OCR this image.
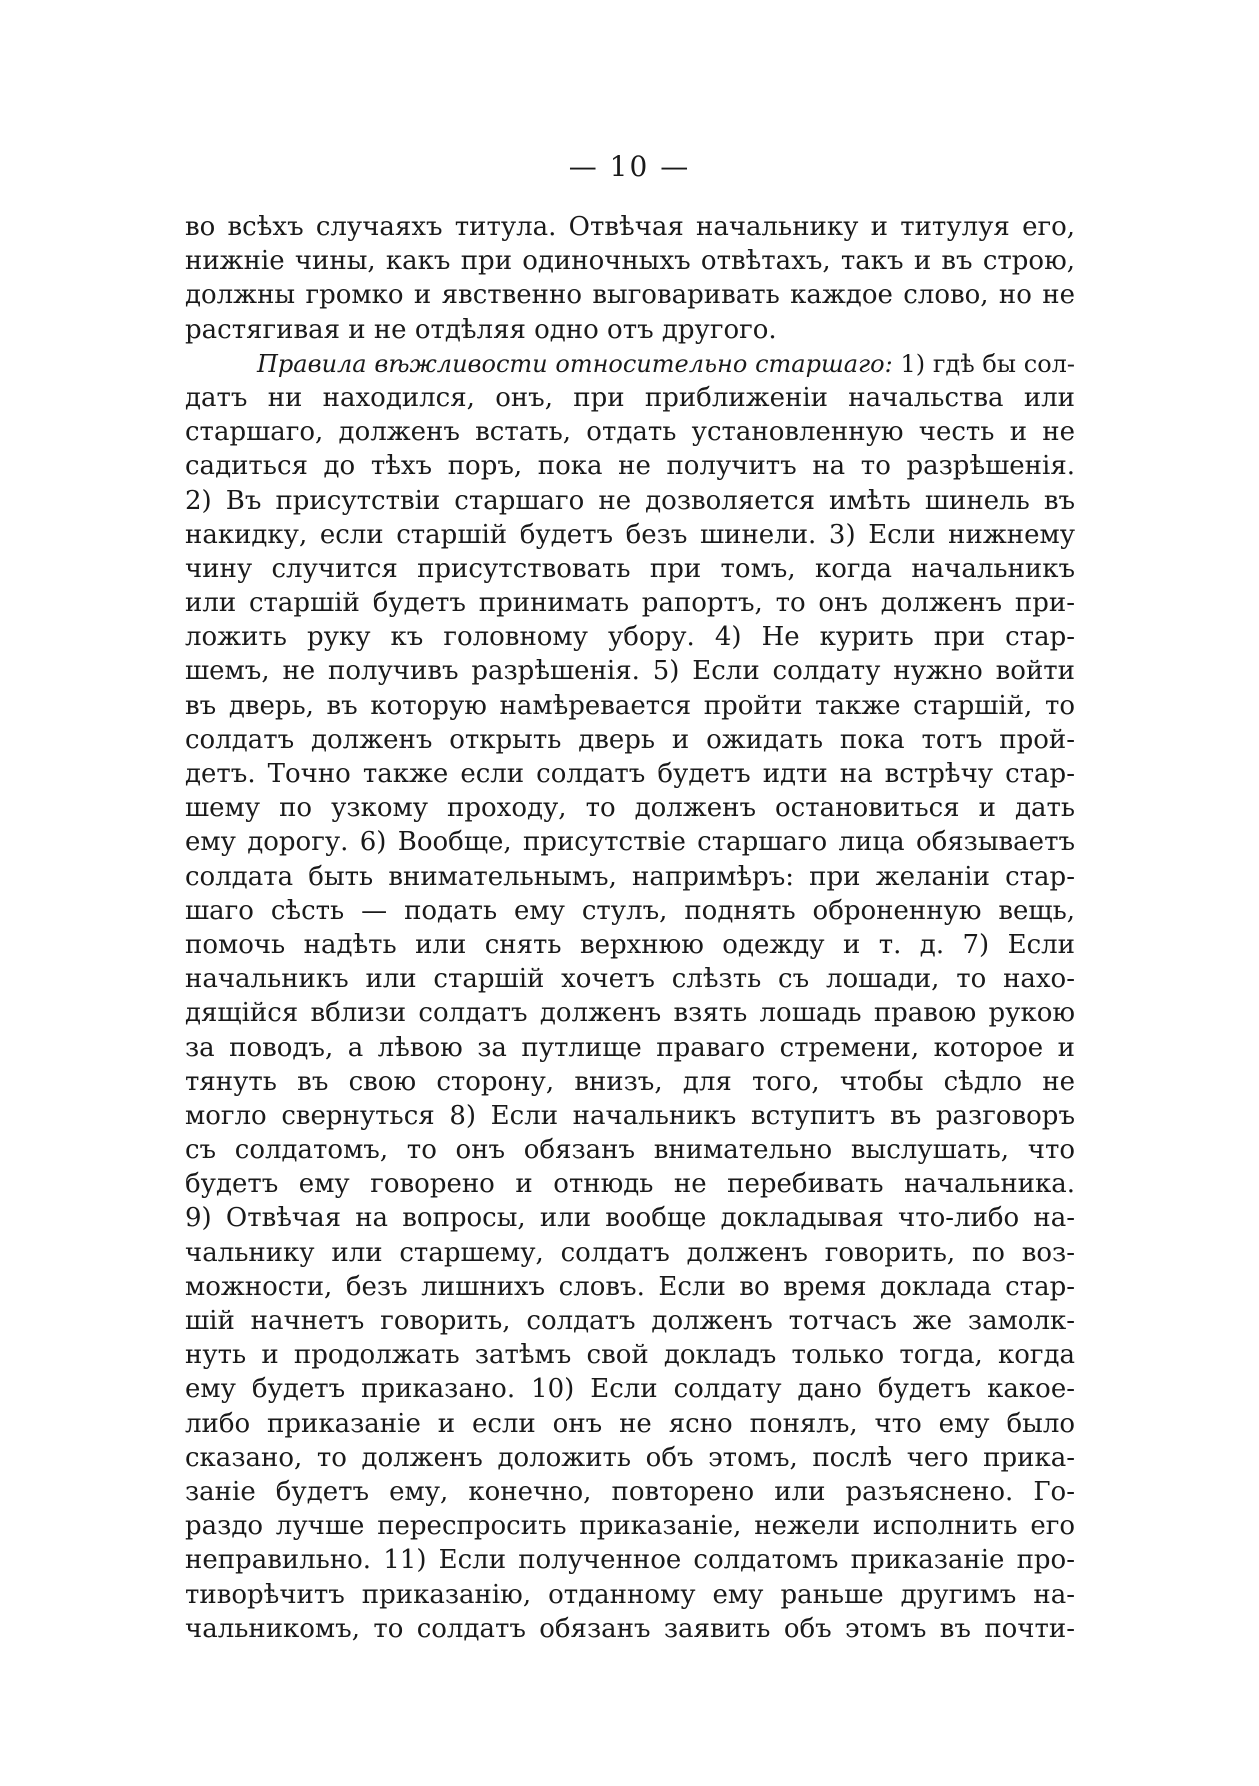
— 10 —
во всѣхъ случаяхъ титула. Отвѣчая начальнику и титулуя его,
нижніе чины, какъ при одиночныхъ отвѣтахъ, такъ и въ строю,
должны громко и явственно выговаривать каждое слово, но не
растягивая и не отдѣляя одно отъ другого.
Правила вѣжливости относительно старшаго: 1) гдѣ бы сол-
датъ ни находился, онъ, при приближеніи начальства или
старшаго, долженъ встать, отдать установленную честь и не
садиться до тѣхъ поръ, пока не получитъ на то разрѣшенія.
2) Въ присутствіи старшаго не дозволяется имѣть шинель въ
накидку, если старшій будетъ безъ шинели. 3) Если нижнему
чину случится присутствовать при томъ, когда начальникъ
или старшій будетъ принимать рапортъ, то онъ долженъ при-
ложить руку къ головному убору. 4) Не курить при стар-
шемъ, не получивъ разрѣшенія. 5) Если солдату нужно войти
въ дверь, въ которую намѣревается пройти также старшій, то
солдатъ долженъ открыть дверь и ожидать пока тотъ прой-
детъ. Точно также если солдатъ будетъ идти на встрѣчу стар-
шему по узкому проходу, то долженъ остановиться и дать
ему дорогу. 6) Вообще, присутствіе старшаго лица обязываетъ
солдата быть внимательнымъ, напримѣръ: при желаніи стар-
шаго сѣсть — подать ему стулъ, поднять оброненную вещь,
помочь надѣть или снять верхнюю одежду и т. д. 7) Если
начальникъ или старшій хочетъ слѣзть съ лошади, то нахо-
дящійся вблизи солдатъ долженъ взять лошадь правою рукою
за поводъ, а лѣвою за путлище праваго стремени, которое и
тянуть въ свою сторону, внизъ, для того, чтобы сѣдло не
могло свернуться 8) Если начальникъ вступитъ въ разговоръ
съ солдатомъ, то онъ обязанъ внимательно выслушать, что
будетъ ему говорено и отнюдь не перебивать начальника.
9) Отвѣчая на вопросы, или вообще докладывая что-либо на-
чальнику или старшему, солдатъ долженъ говорить, по воз-
можности, безъ лишнихъ словъ. Если во время доклада стар-
шій начнетъ говорить, солдатъ долженъ тотчасъ же замолк-
нуть и продолжать затѣмъ свой докладъ только тогда, когда
ему будетъ приказано. 10) Если солдату дано будетъ какое-
либо приказаніе и если онъ не ясно понялъ, что ему было
сказано, то долженъ доложить объ этомъ, послѣ чего прика-
заніе будетъ ему, конечно, повторено или разъяснено. Го-
раздо лучше переспросить приказаніе, нежели исполнить его
неправильно. 11) Если полученное солдатомъ приказаніе про-
тиворѣчитъ приказанію, отданному ему раньше другимъ на-
чальникомъ, то солдатъ обязанъ заявить объ этомъ въ почти-
